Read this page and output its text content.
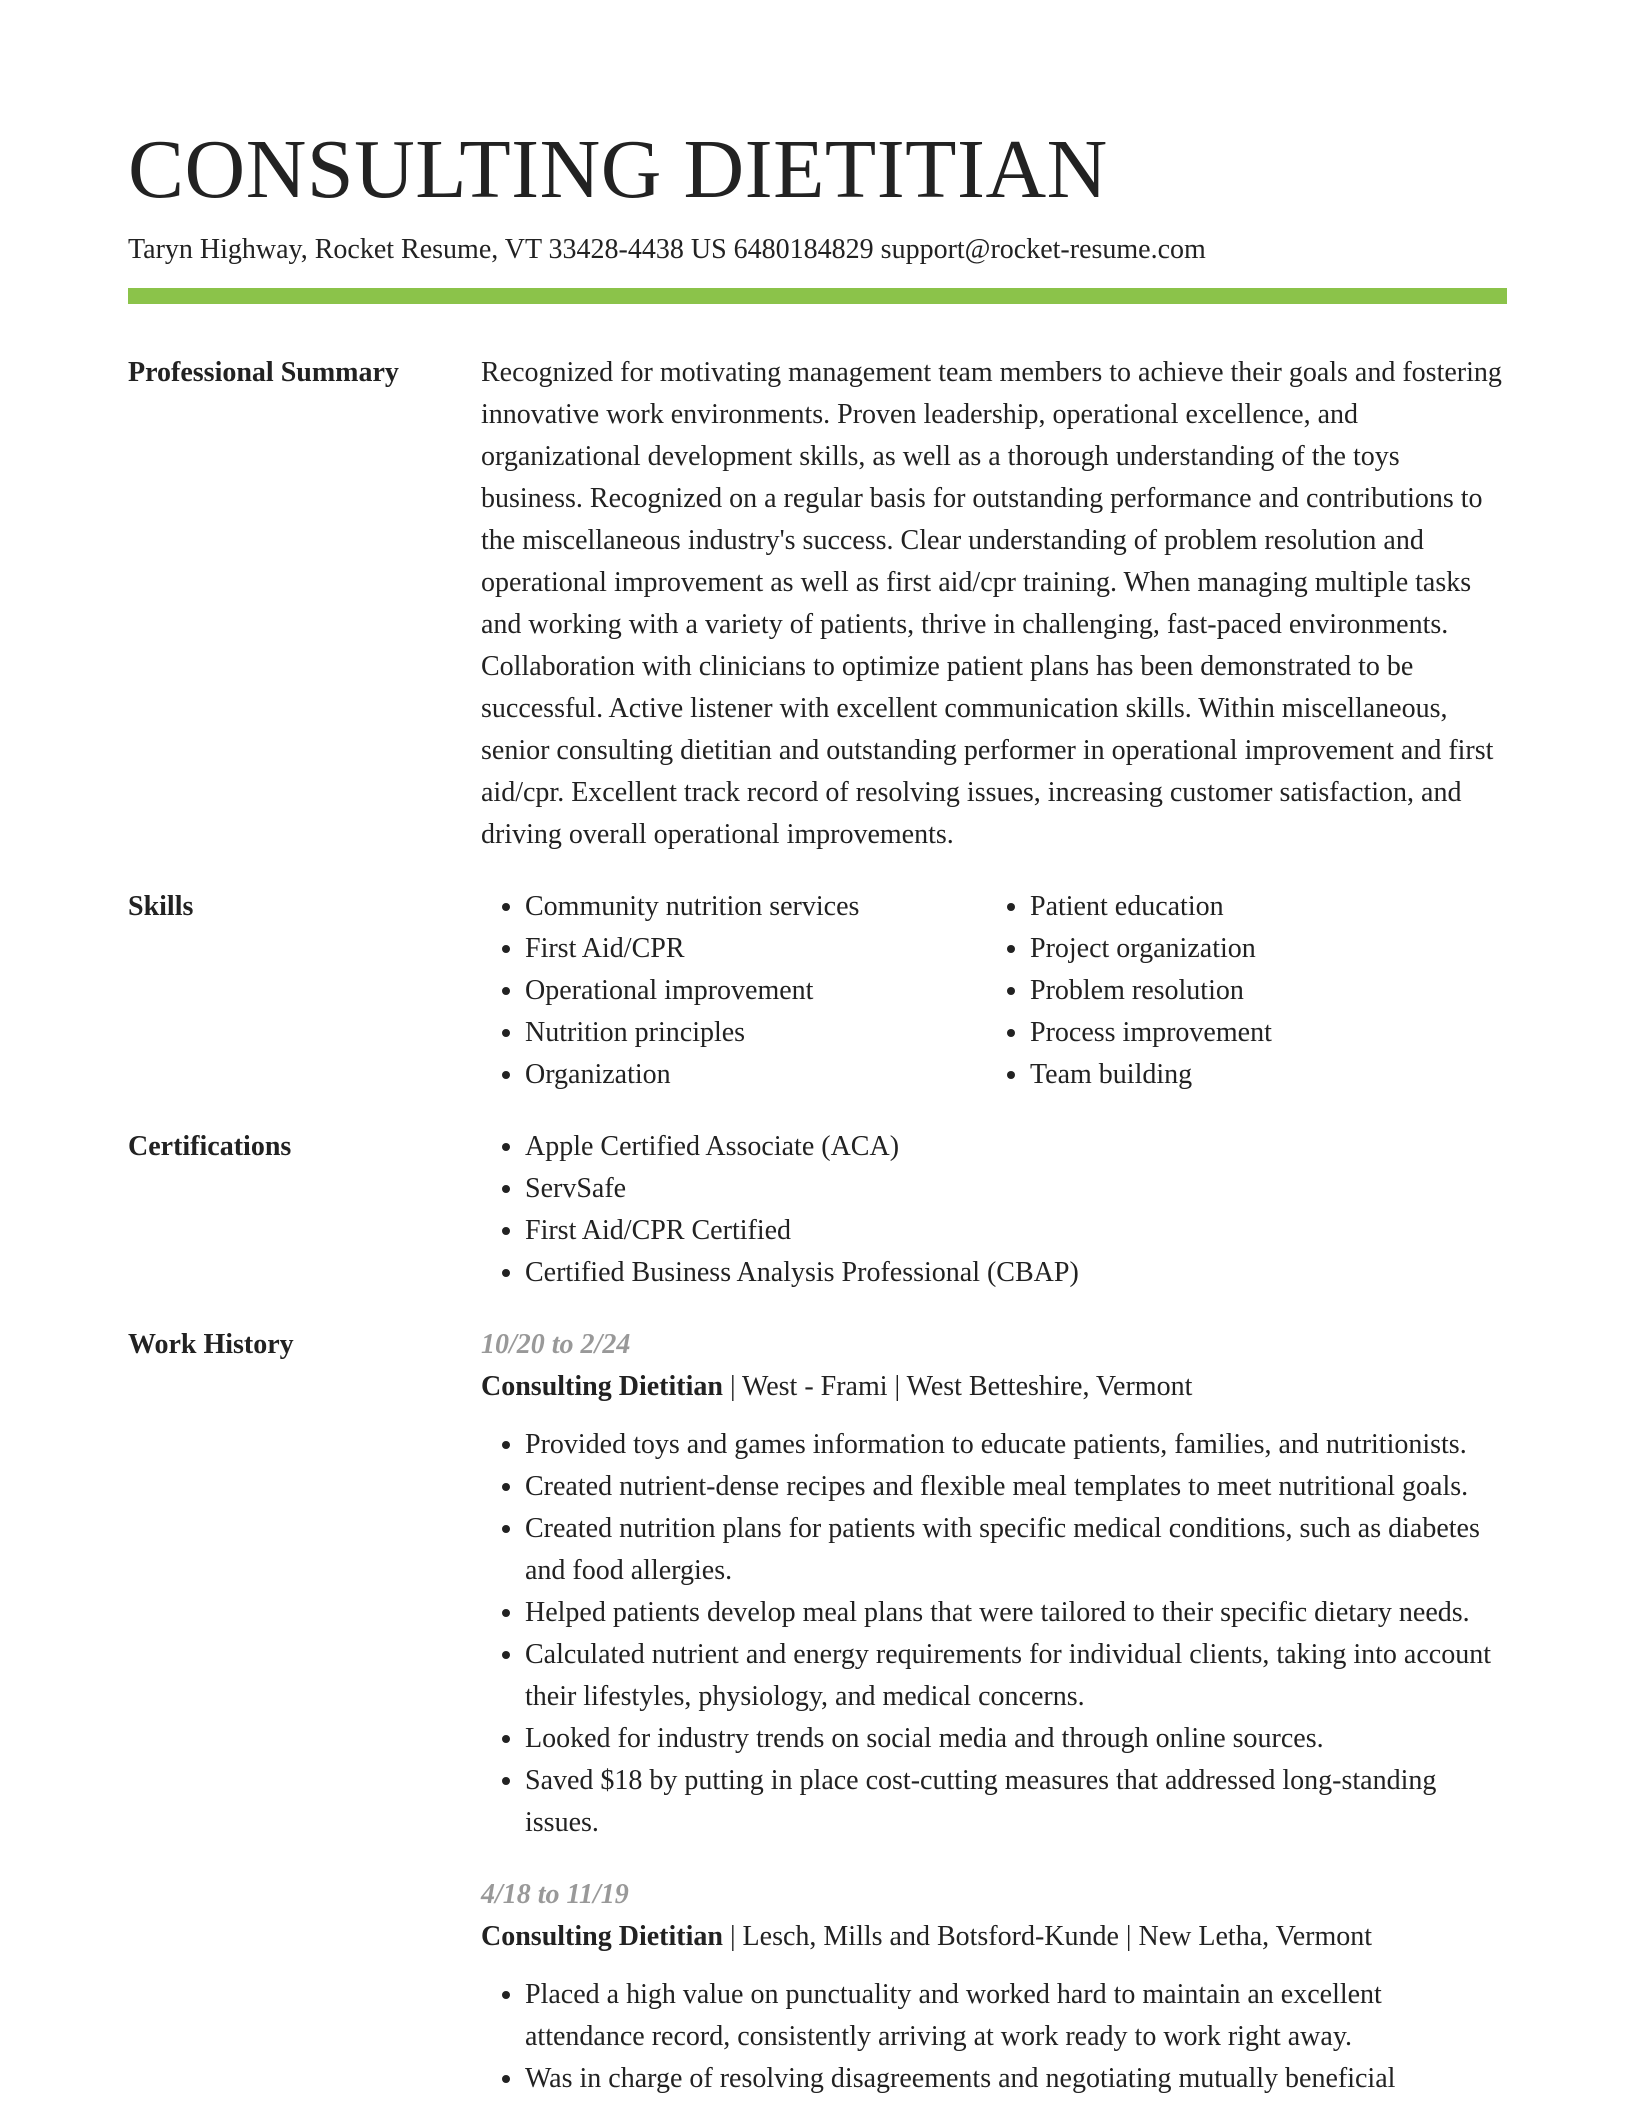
CONSULTING DIETITIAN
Taryn Highway, Rocket Resume, VT 33428-4438 US 6480184829 support@rocket-resume.com
Professional Summary	Recognized for motivating management team members to achieve their goals and fostering innovative work environments. Proven leadership, operational excellence, and organizational development skills, as well as a thorough understanding of the toys business. Recognized on a regular basis for outstanding performance and contributions to the miscellaneous industry's success. Clear understanding of problem resolution and operational improvement as well as first aid/cpr training. When managing multiple tasks and working with a variety of patients, thrive in challenging, fast-paced environments. Collaboration with clinicians to optimize patient plans has been demonstrated to be successful. Active listener with excellent communication skills. Within miscellaneous, senior consulting dietitian and outstanding performer in operational improvement and first aid/cpr. Excellent track record of resolving issues, increasing customer satisfaction, and driving overall operational improvements.

Skills	• Community nutrition services
• First Aid/CPR
• Operational improvement
• Nutrition principles
• Organization
• Patient education
• Project organization
• Problem resolution
• Process improvement
• Team building
Certifications	• Apple Certified Associate (ACA)
• ServSafe
• First Aid/CPR Certified
• Certified Business Analysis Professional (CBAP)
Work History	10/20 to 2/24
Consulting Dietitian | West - Frami | West Betteshire, Vermont
• Provided toys and games information to educate patients, families, and nutritionists.
• Created nutrient-dense recipes and flexible meal templates to meet nutritional goals.
• Created nutrition plans for patients with specific medical conditions, such as diabetes and food allergies.
• Helped patients develop meal plans that were tailored to their specific dietary needs.
• Calculated nutrient and energy requirements for individual clients, taking into account their lifestyles, physiology, and medical concerns.
• Looked for industry trends on social media and through online sources.
• Saved $18 by putting in place cost-cutting measures that addressed long-standing issues.
4/18 to 11/19
Consulting Dietitian | Lesch, Mills and Botsford-Kunde | New Letha, Vermont
• Placed a high value on punctuality and worked hard to maintain an excellent attendance record, consistently arriving at work ready to work right away.
• Was in charge of resolving disagreements and negotiating mutually beneficial
